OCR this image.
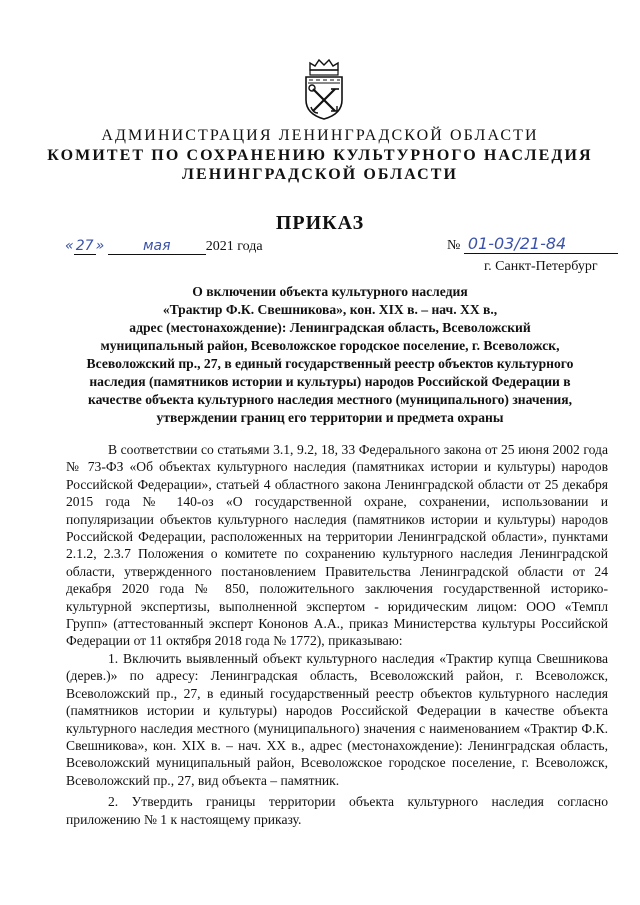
АДМИНИСТРАЦИЯ ЛЕНИНГРАДСКОЙ ОБЛАСТИ
КОМИТЕТ ПО СОХРАНЕНИЮ КУЛЬТУРНОГО НАСЛЕДИЯ
ЛЕНИНГРАДСКОЙ ОБЛАСТИ
ПРИКАЗ
« 27 »	мая	2021 года	№ 01-03/21-84
г. Санкт-Петербург
О включении объекта культурного наследия
«Трактир Ф.К. Свешникова», кон. XIX в. – нач. XX в.,
адрес (местонахождение): Ленинградская область, Всеволожский
муниципальный район, Всеволожское городское поселение, г. Всеволожск,
Всеволожский пр., 27, в единый государственный реестр объектов культурного
наследия (памятников истории и культуры) народов Российской Федерации в
качестве объекта культурного наследия местного (муниципального) значения,
утверждении границ его территории и предмета охраны

В соответствии со статьями 3.1, 9.2, 18, 33 Федерального закона от 25 июня 2002 года № 73-ФЗ «Об объектах культурного наследия (памятниках истории и культуры) народов Российской Федерации», статьей 4 областного закона Ленинградской области от 25 декабря 2015 года № 140-оз «О государственной охране, сохранении, использовании и популяризации объектов культурного наследия (памятников истории и культуры) народов Российской Федерации, расположенных на территории Ленинградской области», пунктами 2.1.2, 2.3.7 Положения о комитете по сохранению культурного наследия Ленинградской области, утвержденного постановлением Правительства Ленинградской области от 24 декабря 2020 года № 850, положительного заключения государственной историко-культурной экспертизы, выполненной экспертом - юридическим лицом: ООО «Темпл Групп» (аттестованный эксперт Кононов А.А., приказ Министерства культуры Российской Федерации от 11 октября 2018 года № 1772), приказываю:

1. Включить выявленный объект культурного наследия «Трактир купца Свешникова (дерев.)» по адресу: Ленинградская область, Всеволожский район, г. Всеволожск, Всеволожский пр., 27, в единый государственный реестр объектов культурного наследия (памятников истории и культуры) народов Российской Федерации в качестве объекта культурного наследия местного (муниципального) значения с наименованием «Трактир Ф.К. Свешникова», кон. XIX в. – нач. XX в., адрес (местонахождение): Ленинградская область, Всеволожский муниципальный район, Всеволожское городское поселение, г. Всеволожск, Всеволожский пр., 27, вид объекта – памятник.

2. Утвердить границы территории объекта культурного наследия согласно приложению № 1 к настоящему приказу.
